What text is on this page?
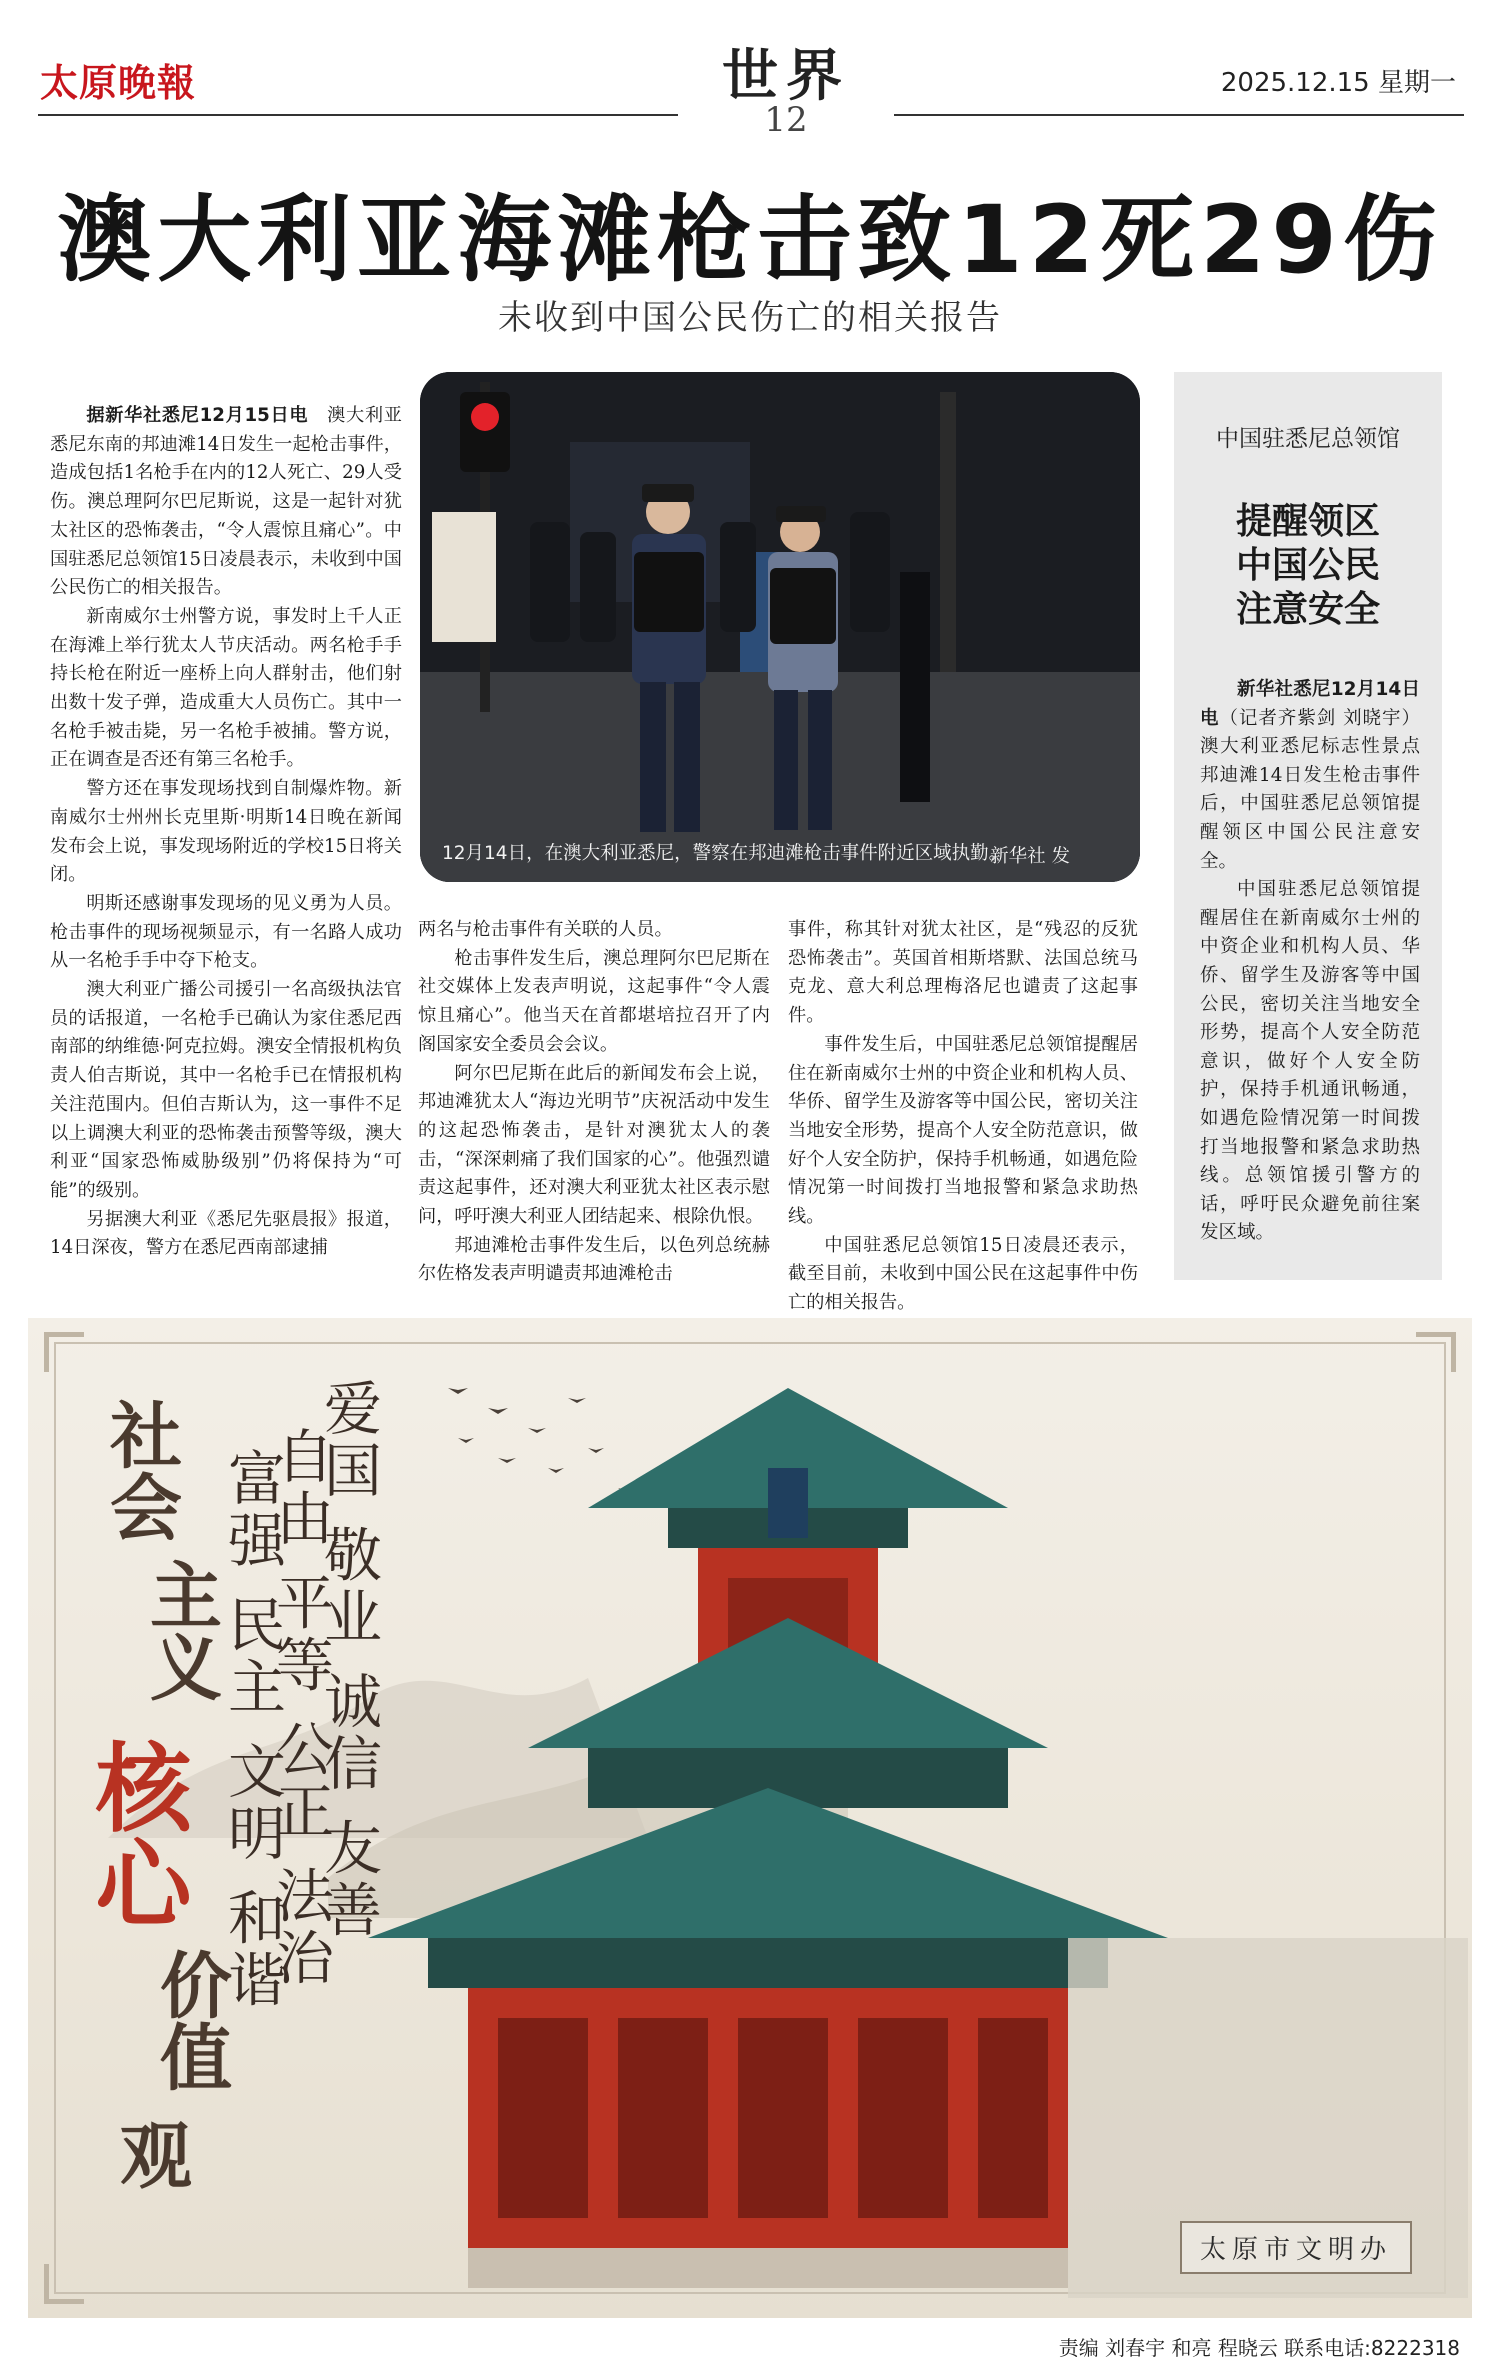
太原晚報	世界
12
2025.12.15 星期一
澳大利亚海滩枪击致12死29伤
未收到中国公民伤亡的相关报告

据新华社悉尼12月15日电  澳大利亚悉尼东南的邦迪滩14日发生一起枪击事件，造成包括1名枪手在内的12人死亡、29人受伤。澳总理阿尔巴尼斯说，这是一起针对犹太社区的恐怖袭击，“令人震惊且痛心”。中国驻悉尼总领馆15日凌晨表示，未收到中国公民伤亡的相关报告。

新南威尔士州警方说，事发时上千人正在海滩上举行犹太人节庆活动。两名枪手手持长枪在附近一座桥上向人群射击，他们射出数十发子弹，造成重大人员伤亡。其中一名枪手被击毙，另一名枪手被捕。警方说，正在调查是否还有第三名枪手。

警方还在事发现场找到自制爆炸物。新南威尔士州州长克里斯·明斯14日晚在新闻发布会上说，事发现场附近的学校15日将关闭。

明斯还感谢事发现场的见义勇为人员。枪击事件的现场视频显示，有一名路人成功从一名枪手手中夺下枪支。

澳大利亚广播公司援引一名高级执法官员的话报道，一名枪手已确认为家住悉尼西南部的纳维德·阿克拉姆。澳安全情报机构负责人伯吉斯说，其中一名枪手已在情报机构关注范围内。但伯吉斯认为，这一事件不足以上调澳大利亚的恐怖袭击预警等级，澳大利亚“国家恐怖威胁级别”仍将保持为“可能”的级别。

另据澳大利亚《悉尼先驱晨报》报道，14日深夜，警方在悉尼西南部逮捕

12月14日，在澳大利亚悉尼，警察在邦迪滩枪击事件附近区域执勤。
新华社 发

两名与枪击事件有关联的人员。

枪击事件发生后，澳总理阿尔巴尼斯在社交媒体上发表声明说，这起事件“令人震惊且痛心”。他当天在首都堪培拉召开了内阁国家安全委员会会议。

阿尔巴尼斯在此后的新闻发布会上说，邦迪滩犹太人“海边光明节”庆祝活动中发生的这起恐怖袭击，是针对澳犹太人的袭击，“深深刺痛了我们国家的心”。他强烈谴责这起事件，还对澳大利亚犹太社区表示慰问，呼吁澳大利亚人团结起来、根除仇恨。

邦迪滩枪击事件发生后，以色列总统赫尔佐格发表声明谴责邦迪滩枪击

事件，称其针对犹太社区，是“残忍的反犹恐怖袭击”。英国首相斯塔默、法国总统马克龙、意大利总理梅洛尼也谴责了这起事件。

事件发生后，中国驻悉尼总领馆提醒居住在新南威尔士州的中资企业和机构人员、华侨、留学生及游客等中国公民，密切关注当地安全形势，提高个人安全防范意识，做好个人安全防护，保持手机畅通，如遇危险情况第一时间拨打当地报警和紧急求助热线。

中国驻悉尼总领馆15日凌晨还表示，截至目前，未收到中国公民在这起事件中伤亡的相关报告。

中国驻悉尼总领馆
提醒领区
中国公民
注意安全

新华社悉尼12月14日电（记者齐紫剑 刘晓宇）澳大利亚悉尼标志性景点邦迪滩14日发生枪击事件后，中国驻悉尼总领馆提醒领区中国公民注意安全。

中国驻悉尼总领馆提醒居住在新南威尔士州的中资企业和机构人员、华侨、留学生及游客等中国公民，密切关注当地安全形势，提高个人安全防范意识，做好个人安全防护，保持手机通讯畅通，如遇危险情况第一时间拨打当地报警和紧急求助热线。总领馆援引警方的话，呼吁民众避免前往案发区域。

社会
主义
核心
价值
观
爱国 敬业 诚信 友善
自由 平等 公正 法治
富强 民主 文明 和谐
太原市文明办
责编 刘春宇 和亮 程晓云 联系电话:8222318
